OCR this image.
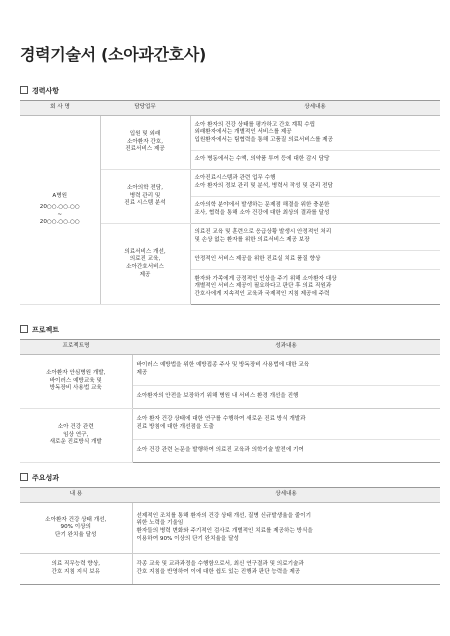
경력기술서 (소아과간호사)
경력사항
회 사 명	담당업무	상세내용

A병원
20○○.○○.○○
~
20○○.○○.○○	입원 및 외래
소아환자 간호,
진료서비스 제공	소아 환자의 건강 상태를 평가하고 간호 계획 수립
외래환자에서는 개별적인 서비스를 제공
입원환자에서는 팀협력을 통해 고품질 의료서비스를 제공

		소아 병동에서는 수액, 의약품 투여 등에 대한 감시 담당

	소아의학 전담,
병력 관리 및
진료 시스템 분석	소아진료시스템과 관련 업무 수행
소아 환자의 정보 관리 및 분석, 병력서 작성 및 관리 전담

		소아의학 분야에서 발생하는 문제점 해결을 위한 충분한
조사, 협력을 통해 소아 건강에 대한 최상의 결과를 달성

	의료서비스 개선,
의료진 교육,
소아간호서비스
제공	의료진 교육 및 훈련으로 응급상황 발생시 안정적인 처리
및 손상 없는 환자를 위한 의료서비스 제공 보장

		안정적인 서비스 제공을 위한 진료실 치료 품질 향상

		환자와 가족에게 긍정적인 인상을 주기 위해 소아환자 대상
개별적인 서비스 제공이 필요하다고 판단 후 의료 직원과
간호사에게 지속적인 교육과 국제적인 지침 제공에 주력
프로젝트
프로젝트명	성과내용

소아환자 안심병원 개발,
바이러스 예방교육 및
방독장비 사용법 교육	바이러스 예방법을 위한 예방접종 주사 및 방독장비 사용법에 대한 교육
제공

	소아환자의 안전을 보장하기 위해 병원 내 서비스 환경 개선을 진행

소아 건강 관련
임상 연구,
새로운 진료방식 개발	소아 환자 건강 상태에 대한 연구를 수행하여 새로운 진료 방식 개발과
진료 방침에 대한 개선점을 도출

	소아 건강 관련 논문을 발행하여 의료진 교육과 의학기술 발전에 기여
주요성과
내 용	상세내용

소아환자 건강 상태 개선,
90% 이상의
단기 완치율 달성	선제적인 조치를 통해 환자의 건강 상태 개선, 질병 신규발생율을 줄이기
위한 노력을 기울임
환자들의 병력 변화와 주기적인 검사로 개별적인 치료를 제공하는 방식을
이용하여 90% 이상의 단기 완치율을 달성

의료 직무능력 향상,
간호 지침 지식 보유	각종 교육 및 교과과정을 수행함으로서, 최신 연구결과 및 의료기술과
간호 지침을 반영하여 이에 대한 쉽도 있는 진행과 판단 능력을 제공
